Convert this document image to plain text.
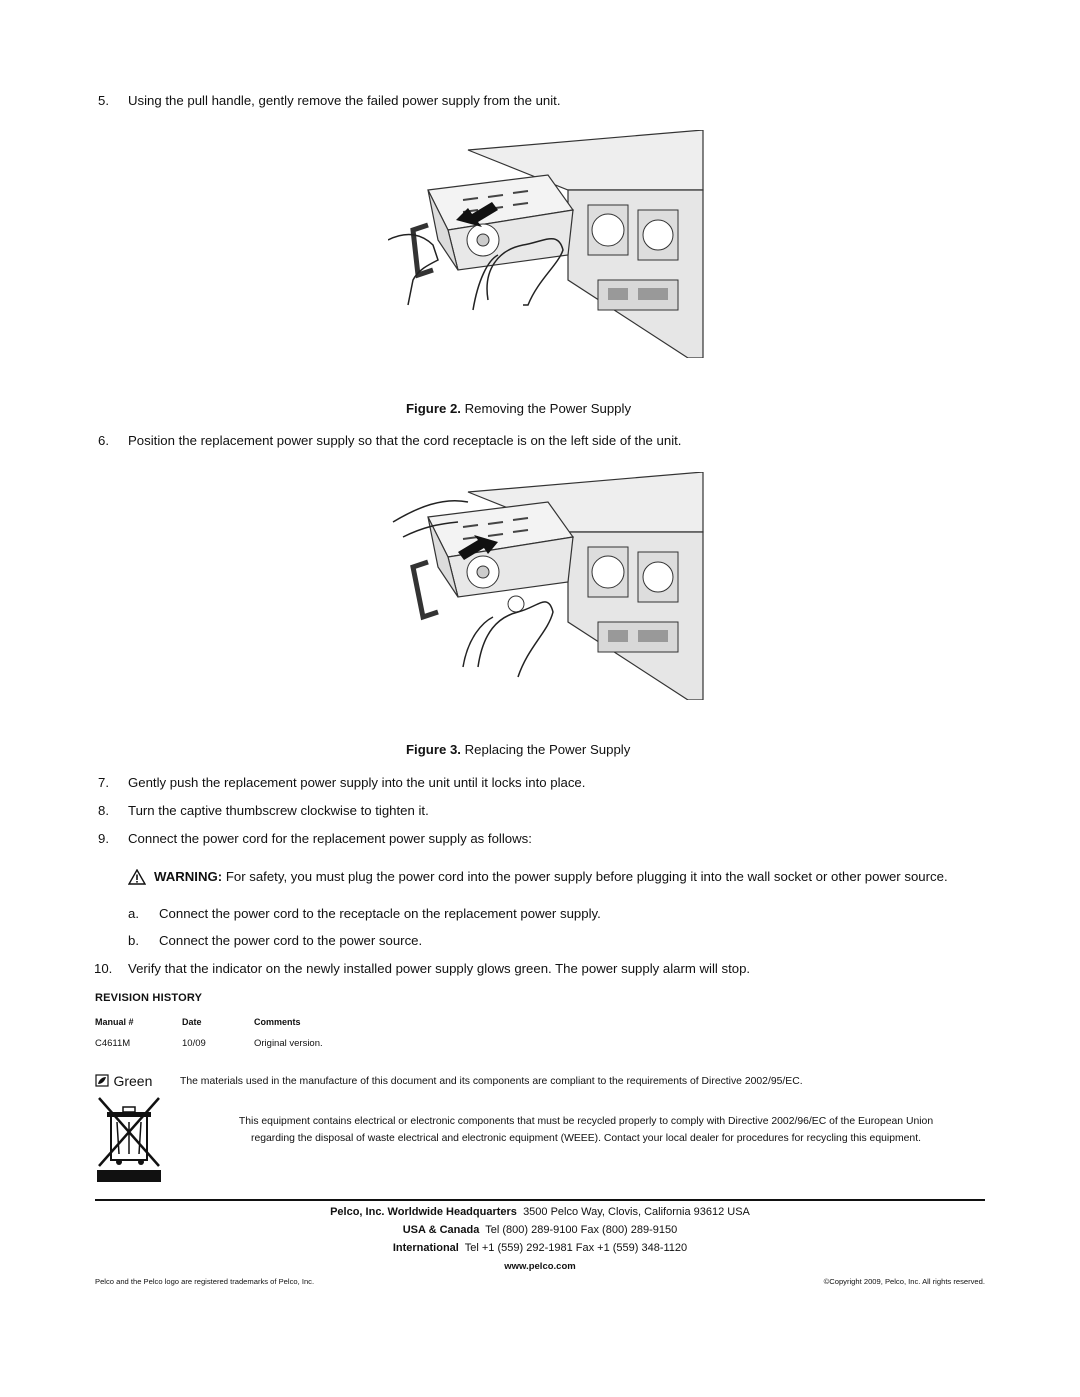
5. Using the pull handle, gently remove the failed power supply from the unit.
Figure 2. Removing the Power Supply
6. Position the replacement power supply so that the cord receptacle is on the left side of the unit.
Figure 3. Replacing the Power Supply
7. Gently push the replacement power supply into the unit until it locks into place.
8. Turn the captive thumbscrew clockwise to tighten it.
9. Connect the power cord for the replacement power supply as follows:
WARNING: For safety, you must plug the power cord into the power supply before plugging it into the wall socket or other power source.
a. Connect the power cord to the receptacle on the replacement power supply.
b. Connect the power cord to the power source.
10. Verify that the indicator on the newly installed power supply glows green. The power supply alarm will stop.
REVISION HISTORY
Manual #	Date	Comments
C4611M	10/09	Original version.
Green	The materials used in the manufacture of this document and its components are compliant to the requirements of Directive 2002/95/EC.
This equipment contains electrical or electronic components that must be recycled properly to comply with Directive 2002/96/EC of the European Union
regarding the disposal of waste electrical and electronic equipment (WEEE). Contact your local dealer for procedures for recycling this equipment.
Pelco, Inc. Worldwide Headquarters 3500 Pelco Way, Clovis, California 93612 USA
USA & Canada Tel (800) 289-9100 Fax (800) 289-9150
International Tel +1 (559) 292-1981 Fax +1 (559) 348-1120
www.pelco.com
Pelco and the Pelco logo are registered trademarks of Pelco, Inc.	©Copyright 2009, Pelco, Inc. All rights reserved.
